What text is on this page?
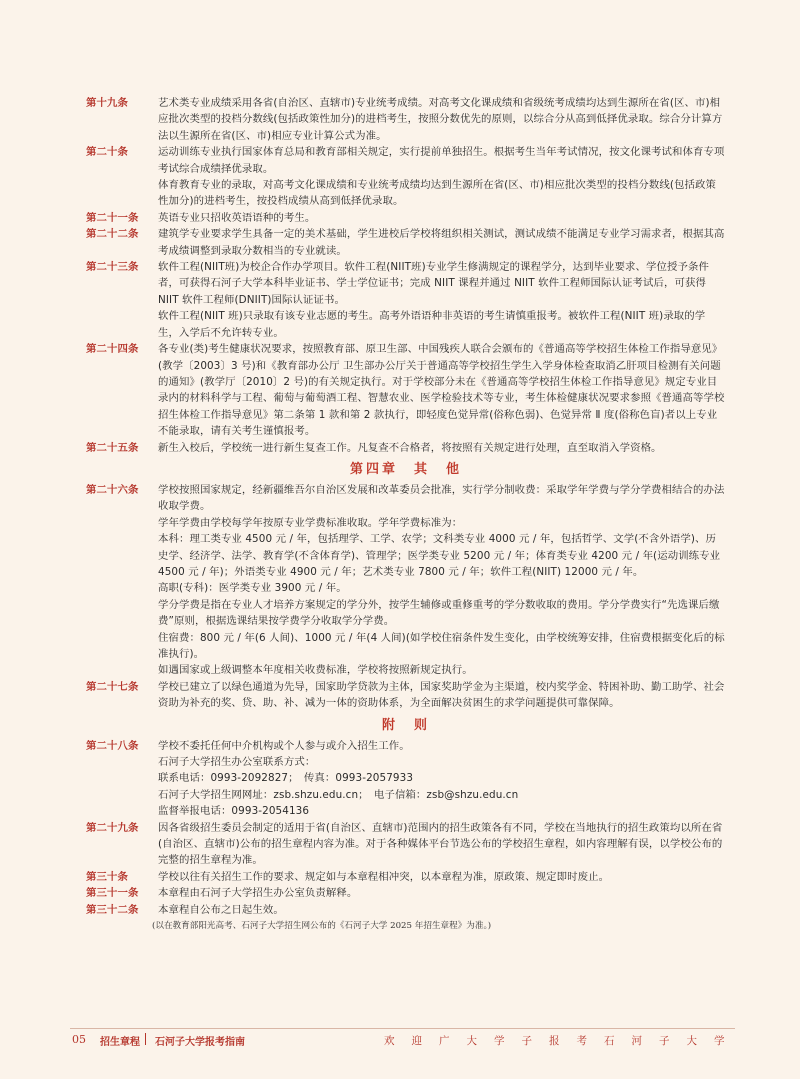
第十九条	艺术类专业成绩采用各省(自治区、直辖市)专业统考成绩。对高考文化课成绩和省级统考成绩均达到生源所在省(区、市)相应批次类型的投档分数线(包括政策性加分)的进档考生，按照分数优先的原则，以综合分从高到低择优录取。综合分计算方法以生源所在省(区、市)相应专业计算公式为准。

第二十条	运动训练专业执行国家体育总局和教育部相关规定，实行提前单独招生。根据考生当年考试情况，按文化课考试和体育专项考试综合成绩择优录取。

体育教育专业的录取，对高考文化课成绩和专业统考成绩均达到生源所在省(区、市)相应批次类型的投档分数线(包括政策性加分)的进档考生，按投档成绩从高到低择优录取。

第二十一条	英语专业只招收英语语种的考生。

第二十二条	建筑学专业要求学生具备一定的美术基础，学生进校后学校将组织相关测试，测试成绩不能满足专业学习需求者，根据其高考成绩调整到录取分数相当的专业就读。

第二十三条	软件工程(NIIT班)为校企合作办学项目。软件工程(NIIT班)专业学生修满规定的课程学分，达到毕业要求、学位授予条件者，可获得石河子大学本科毕业证书、学士学位证书；完成 NIIT 课程并通过 NIIT 软件工程师国际认证考试后，可获得 NIIT 软件工程师(DNIIT)国际认证证书。

软件工程(NIIT 班)只录取有该专业志愿的考生。高考外语语种非英语的考生请慎重报考。被软件工程(NIIT 班)录取的学生，入学后不允许转专业。

第二十四条	各专业(类)考生健康状况要求，按照教育部、原卫生部、中国残疾人联合会颁布的《普通高等学校招生体检工作指导意见》(教学〔2003〕3 号)和《教育部办公厅 卫生部办公厅关于普通高等学校招生学生入学身体检查取消乙肝项目检测有关问题的通知》(教学厅〔2010〕2 号)的有关规定执行。对于学校部分未在《普通高等学校招生体检工作指导意见》规定专业目录内的材料科学与工程、葡萄与葡萄酒工程、智慧农业、医学检验技术等专业，考生体检健康状况要求参照《普通高等学校招生体检工作指导意见》第二条第 1 款和第 2 款执行，即轻度色觉异常(俗称色弱)、色觉异常 Ⅱ 度(俗称色盲)者以上专业不能录取，请有关考生谨慎报考。

第二十五条	新生入校后，学校统一进行新生复查工作。凡复查不合格者，将按照有关规定进行处理，直至取消入学资格。

第四章　其　他
第二十六条	学校按照国家规定，经新疆维吾尔自治区发展和改革委员会批准，实行学分制收费：采取学年学费与学分学费相结合的办法收取学费。

学年学费由学校每学年按原专业学费标准收取。学年学费标准为：

本科：理工类专业 4500 元 / 年，包括理学、工学、农学；文科类专业 4000 元 / 年，包括哲学、文学(不含外语学)、历史学、经济学、法学、教育学(不含体育学)、管理学；医学类专业 5200 元 / 年；体育类专业 4200 元 / 年(运动训练专业 4500 元 / 年)；外语类专业 4900 元 / 年；艺术类专业 7800 元 / 年；软件工程(NIIT) 12000 元 / 年。

高职(专科)：医学类专业 3900 元 / 年。

学分学费是指在专业人才培养方案规定的学分外，按学生辅修或重修重考的学分数收取的费用。学分学费实行“先选课后缴费”原则，根据选课结果按学费学分收取学分学费。

住宿费：800 元 / 年(6 人间)、1000 元 / 年(4 人间)(如学校住宿条件发生变化，由学校统筹安排，住宿费根据变化后的标准执行)。

如遇国家或上级调整本年度相关收费标准，学校将按照新规定执行。

第二十七条	学校已建立了以绿色通道为先导，国家助学贷款为主体，国家奖助学金为主渠道，校内奖学金、特困补助、勤工助学、社会资助为补充的奖、贷、助、补、减为一体的资助体系，为全面解决贫困生的求学问题提供可靠保障。

附　则
第二十八条	学校不委托任何中介机构或个人参与或介入招生工作。

石河子大学招生办公室联系方式：

联系电话：0993-2092827；　传真：0993-2057933

石河子大学招生网网址：zsb.shzu.edu.cn；　电子信箱：zsb@shzu.edu.cn

监督举报电话：0993-2054136

第二十九条	因各省级招生委员会制定的适用于省(自治区、直辖市)范围内的招生政策各有不同，学校在当地执行的招生政策均以所在省(自治区、直辖市)公布的招生章程内容为准。对于各种媒体平台节选公布的学校招生章程，如内容理解有误，以学校公布的完整的招生章程为准。

第三十条	学校以往有关招生工作的要求、规定如与本章程相冲突，以本章程为准，原政策、规定即时废止。

第三十一条	本章程由石河子大学招生办公室负责解释。

第三十二条	本章程自公布之日起生效。

(以在教育部阳光高考、石河子大学招生网公布的《石河子大学 2025 年招生章程》为准。)

05 招生章程 石河子大学报考指南	欢迎广大学子报考石河子大学
